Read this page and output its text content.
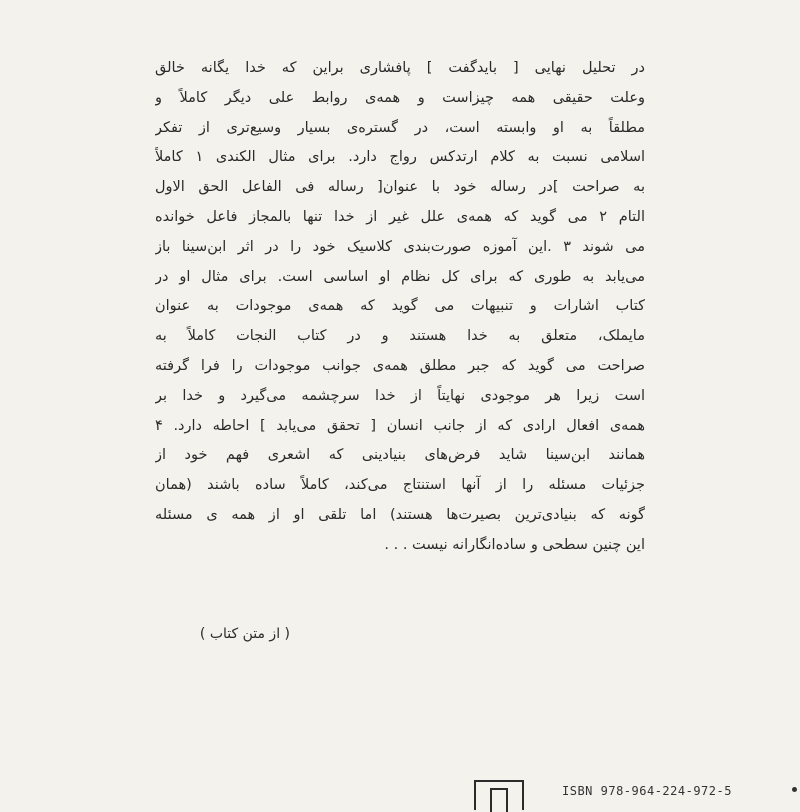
در تحلیل نهایی [ بایدگفت ] پافشاری براین که خدا یگانه خالق
وعلت حقیقی همه چیزاست و همه‌ی روابط علی دیگر کاملاً و
مطلقاً به او وابسته است، در گستره‌ی بسیار وسیع‌تری از تفکر
اسلامی نسبت به کلام ارتدکس رواج دارد. برای مثال الکندی ۱ کاملاً
به صراحت ]در رساله خود با عنوان[ رساله فی الفاعل الحق الاول
التام ۲ می گوید که همه‌ی علل غیر از خدا تنها بالمجاز فاعل خوانده
می شوند ۳ .این آموزه صورت‌بندی کلاسیک خود را در اثر ابن‌سینا باز
می‌یابد به طوری که برای کل نظام او اساسی است. برای مثال او در
کتاب اشارات و تنبیهات می گوید که همه‌ی موجودات به عنوان
مایملک، متعلق به خدا هستند و در کتاب النجات کاملاً به
صراحت می گوید که جبر مطلق همه‌ی جوانب موجودات را فرا گرفته
است زیرا هر موجودی نهایتاً از خدا سرچشمه می‌گیرد و خدا بر
همه‌ی افعال ارادی که از جانب انسان [ تحقق می‌یابد ] احاطه دارد. ۴
همانند ابن‌سینا شاید فرض‌های بنیادینی که اشعری فهم خود از
جزئیات مسئله را از آنها استنتاج می‌کند، کاملاً ساده باشند (همان
گونه که بنیادی‌ترین بصیرت‌ها هستند) اما تلقی او از همه ی مسئله
این چنین سطحی و ساده‌انگارانه نیست . . .
( از متن کتاب )
ISBN 978-964-224-972-5
